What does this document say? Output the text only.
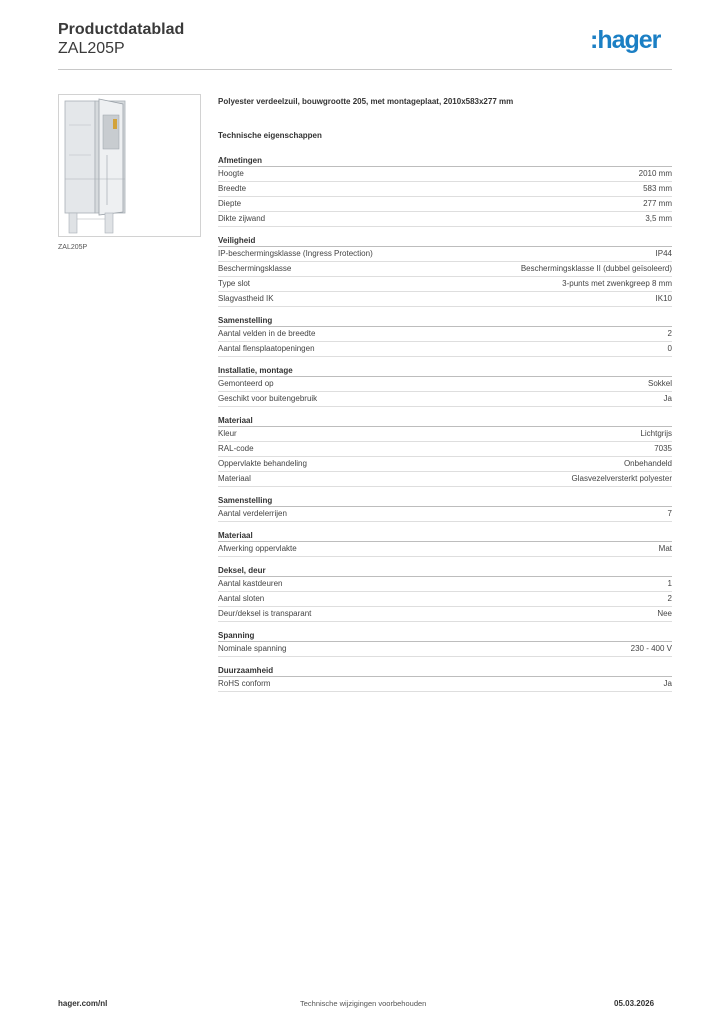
Productdatablad
ZAL205P	:hager
ZAL205P
Polyester verdeelzuil, bouwgrootte 205, met montageplaat, 2010x583x277 mm
Technische eigenschappen
Afmetingen
Hoogte	2010 mm
Breedte	583 mm
Diepte	277 mm
Dikte zijwand	3,5 mm
Veiligheid
IP-beschermingsklasse (Ingress Protection)	IP44
Beschermingsklasse	Beschermingsklasse II (dubbel geïsoleerd)
Type slot	3-punts met zwenkgreep 8 mm
Slagvastheid IK	IK10
Samenstelling
Aantal velden in de breedte	2
Aantal flensplaatopeningen	0
Installatie, montage
Gemonteerd op	Sokkel
Geschikt voor buitengebruik	Ja
Materiaal
Kleur	Lichtgrijs
RAL-code	7035
Oppervlakte behandeling	Onbehandeld
Materiaal	Glasvezelversterkt polyester
Samenstelling
Aantal verdelerrijen	7
Materiaal
Afwerking oppervlakte	Mat
Deksel, deur
Aantal kastdeuren	1
Aantal sloten	2
Deur/deksel is transparant	Nee
Spanning
Nominale spanning	230 - 400 V
Duurzaamheid
RoHS conform	Ja
hager.com/nl	Technische wijzigingen voorbehouden	05.03.2026
